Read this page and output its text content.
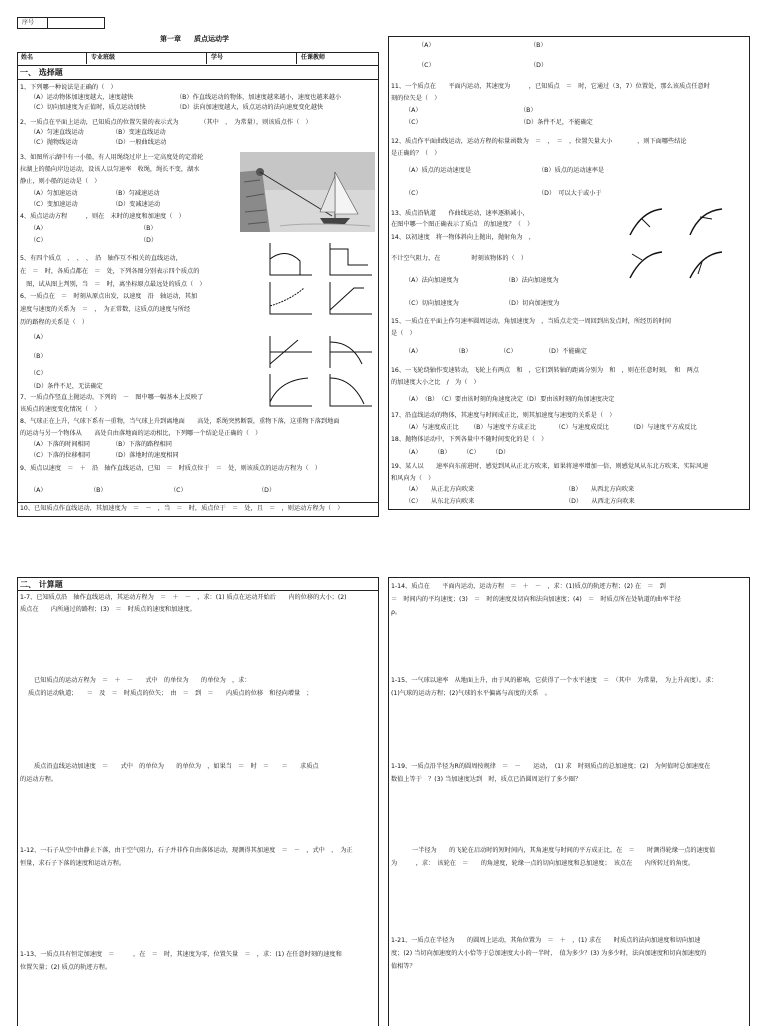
序号
第一章 质点运动学
姓名	专业班级	学号	任课教师
一、 选择题
1、下列哪一种说法是正确的（　）
（A）运动物体加速度越大，速度越快	（B）作直线运动的物体，加速度越来越小，速度也越来越小
（C）切向加速度为正值时，质点运动加快	（D）法向加速度越大，质点运动的法向速度变化越快
2、一质点在平面上运动，已知质点的位置矢量的表示式为　　　　（其中　、　为常量），则该质点作（　）
（A）匀速直线运动	（B）变速直线运动
（C）抛物线运动	（D）一般曲线运动
3、如图所示湖中有一小船，有人用绳绕过岸上一定高度处的定滑轮
拉湖上的船向岸边运动，设该人以匀速率　收绳，绳长不变，湖水
静止，则小船的运动是（　）
（A）匀加速运动	（B）匀减速运动
（C）变加速运动	（D）变减速运动
4、质点运动方程　　　，则在　末时的速度和加速度（　）
（A）	（B）
（C）	（D）
5、有四个质点　、　、　、　沿　轴作互不相关的直线运动，
在　＝　时，各质点都在　＝　处，下列各图分别表示四个质点的
　图，试从图上判别，当　＝　时，离坐标原点最远处的质点（　）
6、一质点在　＝　时刻从原点出发，以速度　沿　轴运动，其加
速度与速度的关系为　＝　，　为正常数，这质点的速度与所经
历的路程的关系是（　）
（A）
（B）
（C）
（D）条件不足，无法确定
7、一质点作竖直上抛运动，下列的　－　图中哪一幅基本上反映了
该质点的速度变化情况（　）
8、气球正在上升，气球下系有一重物，当气球上升到离地面　　高处，系绳突然断裂，重物下落，这重物下落到地面
的运动与另一个物体从　　高处自由落地面的运动相比，下列哪一个结论是正确的（　）
（A）下落的时间相同	（B）下落的路程相同
（C）下落的位移相同	（D）落地时的速度相同
9、质点以速度　＝　＋　沿　轴作直线运动，已知　＝　时质点位于　＝　处，则该质点的运动方程为（　）
（A）	（B）	（C）	（D）
10、已知质点作直线运动，其加速度为　＝　－　，当　＝　时，质点位于　＝　处，且　＝　，则运动方程为（　）
（A）	（B）
（C）	（D）
11、一个质点在　　平面内运动，其速度为　　　，已知质点　＝　时，它通过（3，7）位置处，那么该质点任意时
刻的位矢是（　）
（A）	（B）
（C）	（D）条件不足，不能确定
12、质点作平面曲线运动，运动方程的标量函数为　＝　，　＝　，位置矢量大小　　　　，则下面哪些结论
是正确的？（　）
（A）质点的运动速度是	（B）质点的运动速率是
（C）	（D）　可以大于或小于
13、质点沿轨道　　作曲线运动，速率逐渐减小，
在图中哪一个图正确表示了质点　的加速度？（　）
14、以初速度　将一物体斜向上抛出，抛射角为　，
不计空气阻力，在　　　　　时刻该物体的（　）
（A）法向加速度为	（B）法向加速度为
（C）切向加速度为	（D）切向加速度为
15、一质点在平面上作匀速率圆周运动，角加速度为　，当质点走完一周回到出发点时，所经历的时间
是（　）
（A）	（B）	（C）	（D）不能确定
16、一飞轮绕轴作变速转动，飞轮上有两点　和　，它们到转轴的距离分别为　和　，则在任意时刻，　和　两点
的加速度大小之比　/　为（　）
（A）　（B）　（C）要由该时刻的角速度决定（D）要由该时刻的角加速度决定
17、沿直线运动的物体，其速度与时间成正比，则其加速度与速度的关系是（　）
（A）与速度成正比 （B）与速度平方成正比	（C）与速度成反比	（D）与速度平方成反比
18、抛物体运动中，下列各量中不随时间变化的是（　）
（A）　　　（B）　　　（C）　　　（D）
19、某人以　　速率向东前进时，感觉到风从正北方吹来，如果将速率增加一倍，则感觉风从东北方吹来，实际风速
和风向为（　）
（A）　　从正北方向吹来	（B）　　从西北方向吹来
（C）　　从东北方向吹来	（D）　　从西北方向吹来
二、 计算题
1-7、已知质点沿　轴作直线运动，其运动方程为　＝　＋　－　，求：(1) 质点在运动开始后　　内的位移的大小；(2)
质点在　　内所通过的路程；(3)　＝　时质点的速度和加速度。
已知质点的运动方程为　＝　＋　－　　式中　的单位为　　的单位为　，求：
质点的运动轨道；　　＝　及　＝　时质点的位矢；　由　＝　到　＝　　内质点的位移　和径向增量　；
质点沿直线运动加速度　＝　　式中　的单位为　　的单位为　，如果当　＝　时　＝　　＝　　求质点
的运动方程。
1-12、一石子从空中由静止下落，由于空气阻力，石子并非作自由落体运动，现测得其加速度　＝　－　，式中　、　为正
恒量，求石子下落的速度和运动方程。
1-13、一质点具有恒定加速度　＝　　　，在　＝　时，其速度为零，位置矢量　＝　，求：(1) 在任意时刻的速度和
位置矢量；(2) 质点的轨迹方程。
1-14、质点在　　平面内运动，运动方程　＝　＋　－　，求：(1)质点的轨迹方程；(2) 在　＝　到
＝　时间内的平均速度；(3)　＝　时的速度及切向和法向加速度；(4)　＝　时质点所在处轨道的曲率半径
ρ。
1-15、一气球以速率　从地面上升，由于风的影响，它获得了一个水平速度　＝　（其中　为常量，　为上升高度）。求：
(1)气球的运动方程；(2)气球的水平偏离与高度的关系　。
1-19、一质点沿半径为R的圆周按规律　＝　－　　运动，　(1) 求　时刻质点的总加速度；(2)　为何值时总加速度在
数值上等于　？(3) 当加速度达到　时，质点已沿圆周运行了多少圈？
一半径为　　的飞轮在启动时的短时间内，其角速度与时间的平方成正比，在　＝　　时测得轮缘一点的速度值
为　　　，求：　该轮在　＝　　的角速度，轮缘一点的切向加速度和总加速度；　该点在　　内所转过的角度。
1-21、一质点在半径为　　的圆周上运动，其角位置为　＝　＋　，(1) 求在　　时质点的法向加速度和切向加速
度；(2) 当切向加速度的大小恰等于总加速度大小的一半时，　值为多少？(3) 为多少时，法向加速度和切向加速度的
值相等？
